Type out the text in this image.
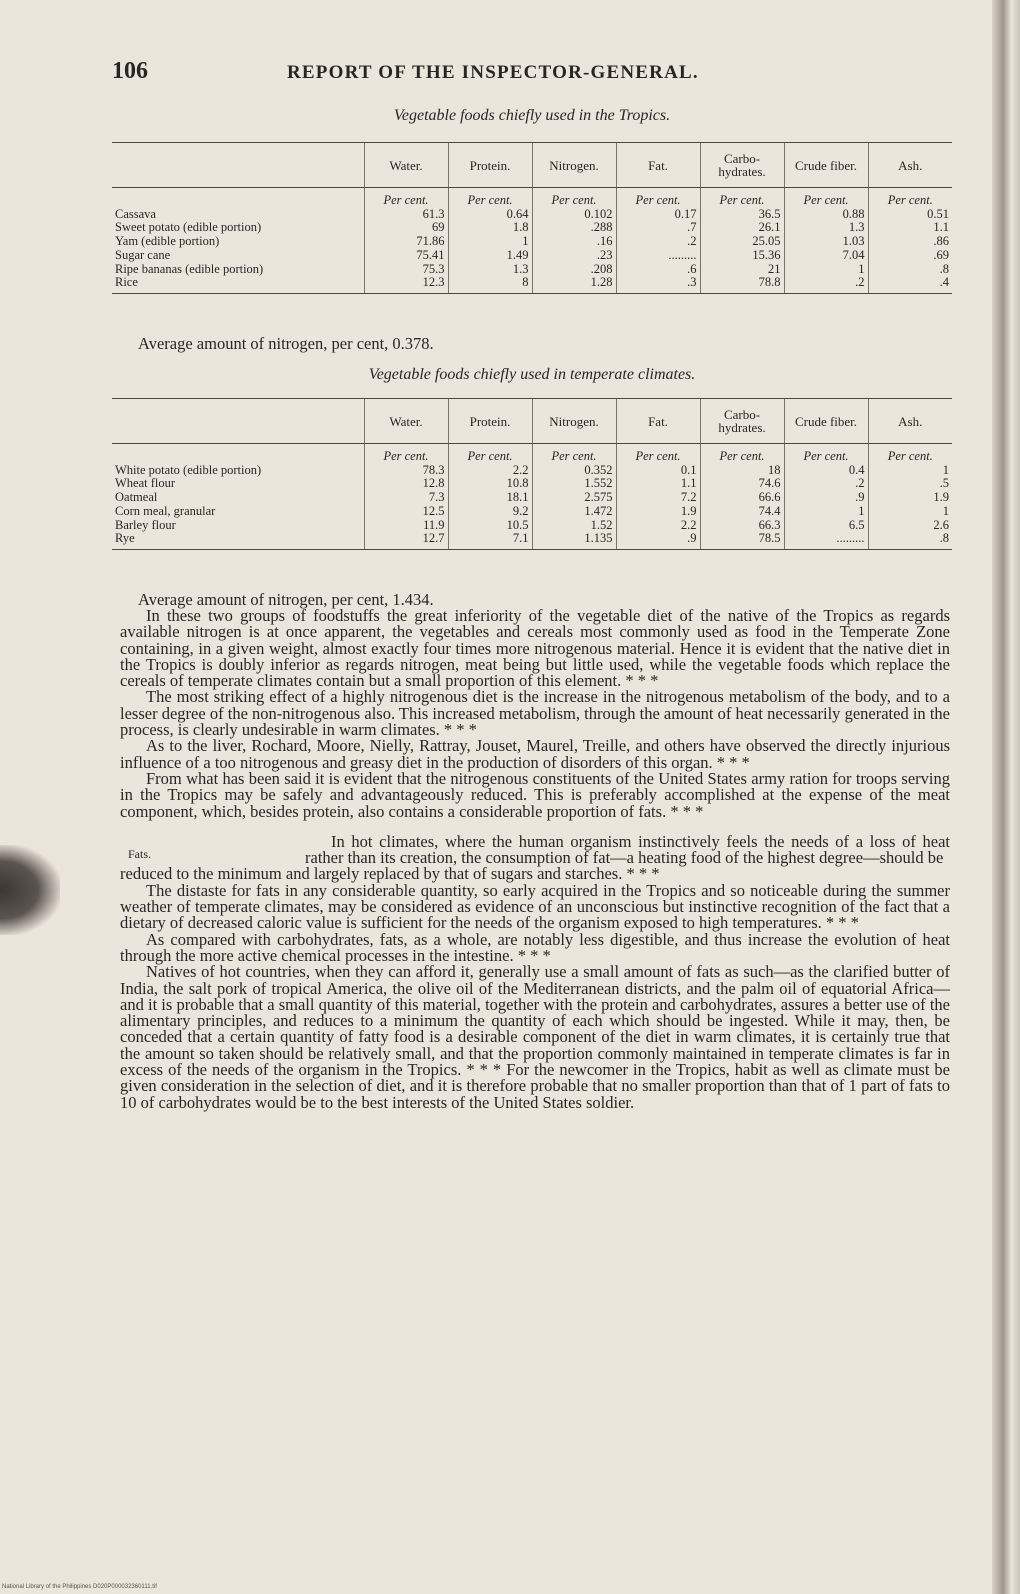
106	REPORT OF THE INSPECTOR-GENERAL.
Vegetable foods chiefly used in the Tropics.
	Water.	Protein.	Nitrogen.	Fat.	Carbo-hydrates.	Crude fiber.	Ash.
	Per cent.	Per cent.	Per cent.	Per cent.	Per cent.	Per cent.	Per cent.
Cassava	61.3	0.64	0.102	0.17	36.5	0.88	0.51
Sweet potato (edible portion)	69	1.8	.288	.7	26.1	1.3	1.1
Yam (edible portion)	71.86	1	.16	.2	25.05	1.03	.86
Sugar cane	75.41	1.49	.23	.........	15.36	7.04	.69
Ripe bananas (edible portion)	75.3	1.3	.208	.6	21	1	.8
Rice	12.3	8	1.28	.3	78.8	.2	.4
Average amount of nitrogen, per cent, 0.378.
Vegetable foods chiefly used in temperate climates.
	Water.	Protein.	Nitrogen.	Fat.	Carbo-hydrates.	Crude fiber.	Ash.
	Per cent.	Per cent.	Per cent.	Per cent.	Per cent.	Per cent.	Per cent.
White potato (edible portion)	78.3	2.2	0.352	0.1	18	0.4	1
Wheat flour	12.8	10.8	1.552	1.1	74.6	.2	.5
Oatmeal	7.3	18.1	2.575	7.2	66.6	.9	1.9
Corn meal, granular	12.5	9.2	1.472	1.9	74.4	1	1
Barley flour	11.9	10.5	1.52	2.2	66.3	6.5	2.6
Rye	12.7	7.1	1.135	.9	78.5	.........	.8
Average amount of nitrogen, per cent, 1.434.

In these two groups of foodstuffs the great inferiority of the vegetable diet of the native of the Tropics as regards available nitrogen is at once apparent, the vegetables and cereals most commonly used as food in the Temperate Zone containing, in a given weight, almost exactly four times more nitrogenous material. Hence it is evident that the native diet in the Tropics is doubly inferior as regards nitrogen, meat being but little used, while the vegetable foods which replace the cereals of temperate climates contain but a small proportion of this element. * * *

The most striking effect of a highly nitrogenous diet is the increase in the nitrogenous metabolism of the body, and to a lesser degree of the non-nitrogenous also. This increased metabolism, through the amount of heat necessarily generated in the process, is clearly undesirable in warm climates. * * *

As to the liver, Rochard, Moore, Nielly, Rattray, Jouset, Maurel, Treille, and others have observed the directly injurious influence of a too nitrogenous and greasy diet in the production of disorders of this organ. * * *

From what has been said it is evident that the nitrogenous constituents of the United States army ration for troops serving in the Tropics may be safely and advantageously reduced. This is preferably accomplished at the expense of the meat component, which, besides protein, also contains a considerable proportion of fats. * * *

Fats.

In hot climates, where the human organism instinctively feels the needs of a loss of heat rather than its creation, the consumption of fat—a heating food of the highest degree—should be

reduced to the minimum and largely replaced by that of sugars and starches. * * *

The distaste for fats in any considerable quantity, so early acquired in the Tropics and so noticeable during the summer weather of temperate climates, may be considered as evidence of an unconscious but instinctive recognition of the fact that a dietary of decreased caloric value is sufficient for the needs of the organism exposed to high temperatures. * * *

As compared with carbohydrates, fats, as a whole, are notably less digestible, and thus increase the evolution of heat through the more active chemical processes in the intestine. * * *

Natives of hot countries, when they can afford it, generally use a small amount of fats as such—as the clarified butter of India, the salt pork of tropical America, the olive oil of the Mediterranean districts, and the palm oil of equatorial Africa—and it is probable that a small quantity of this material, together with the protein and carbohydrates, assures a better use of the alimentary principles, and reduces to a minimum the quantity of each which should be ingested. While it may, then, be conceded that a certain quantity of fatty food is a desirable component of the diet in warm climates, it is certainly true that the amount so taken should be relatively small, and that the proportion commonly maintained in temperate climates is far in excess of the needs of the organism in the Tropics. * * * For the newcomer in the Tropics, habit as well as climate must be given consideration in the selection of diet, and it is therefore probable that no smaller proportion than that of 1 part of fats to 10 of carbohydrates would be to the best interests of the United States soldier.

National Library of the Philippines D020P000032360111.tif
